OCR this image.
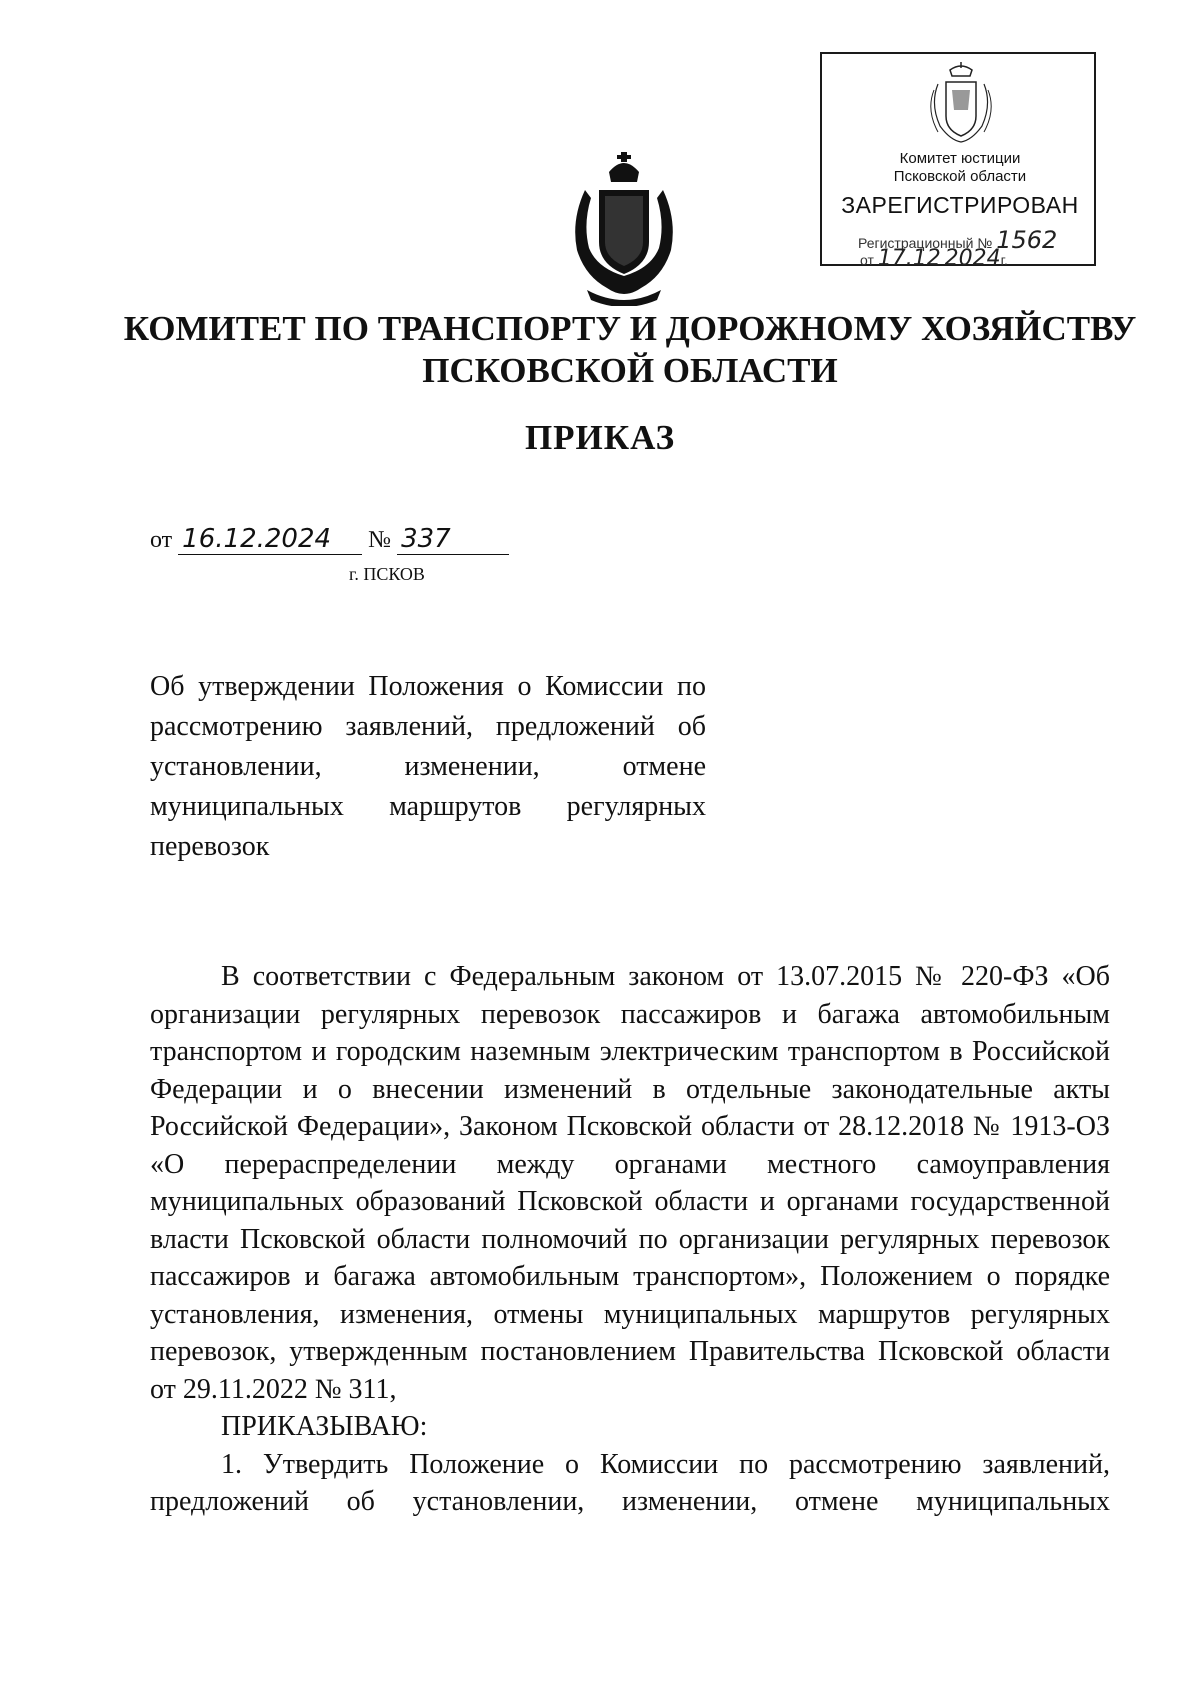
Комитет юстиции
Псковской области
ЗАРЕГИСТРИРОВАН
Регистрационный № 1562
от 17.12 2024г.
КОМИТЕТ ПО ТРАНСПОРТУ И ДОРОЖНОМУ ХОЗЯЙСТВУ
ПСКОВСКОЙ ОБЛАСТИ
ПРИКАЗ
от 16.12.2024 № 337
г. ПСКОВ
Об утверждении Положения о Комиссии по рассмотрению заявлений, предложений об установлении, изменении, отмене муниципальных маршрутов регулярных
перевозок

В соответствии с Федеральным законом от 13.07.2015 № 220-ФЗ «Об организации регулярных перевозок пассажиров и багажа автомобильным транспортом и городским наземным электрическим транспортом в Российской Федерации и о внесении изменений в отдельные законодательные акты Российской Федерации», Законом Псковской области от 28.12.2018 № 1913-ОЗ «О перераспределении между органами местного самоуправления муниципальных образований Псковской области и органами государственной власти Псковской области полномочий по организации регулярных перевозок пассажиров и багажа автомобильным транспортом», Положением о порядке установления, изменения, отмены муниципальных маршрутов регулярных перевозок, утвержденным постановлением Правительства Псковской области от 29.11.2022 № 311,

ПРИКАЗЫВАЮ:

1. Утвердить Положение о Комиссии по рассмотрению заявлений,

предложений об установлении, изменении, отмене муниципальных
